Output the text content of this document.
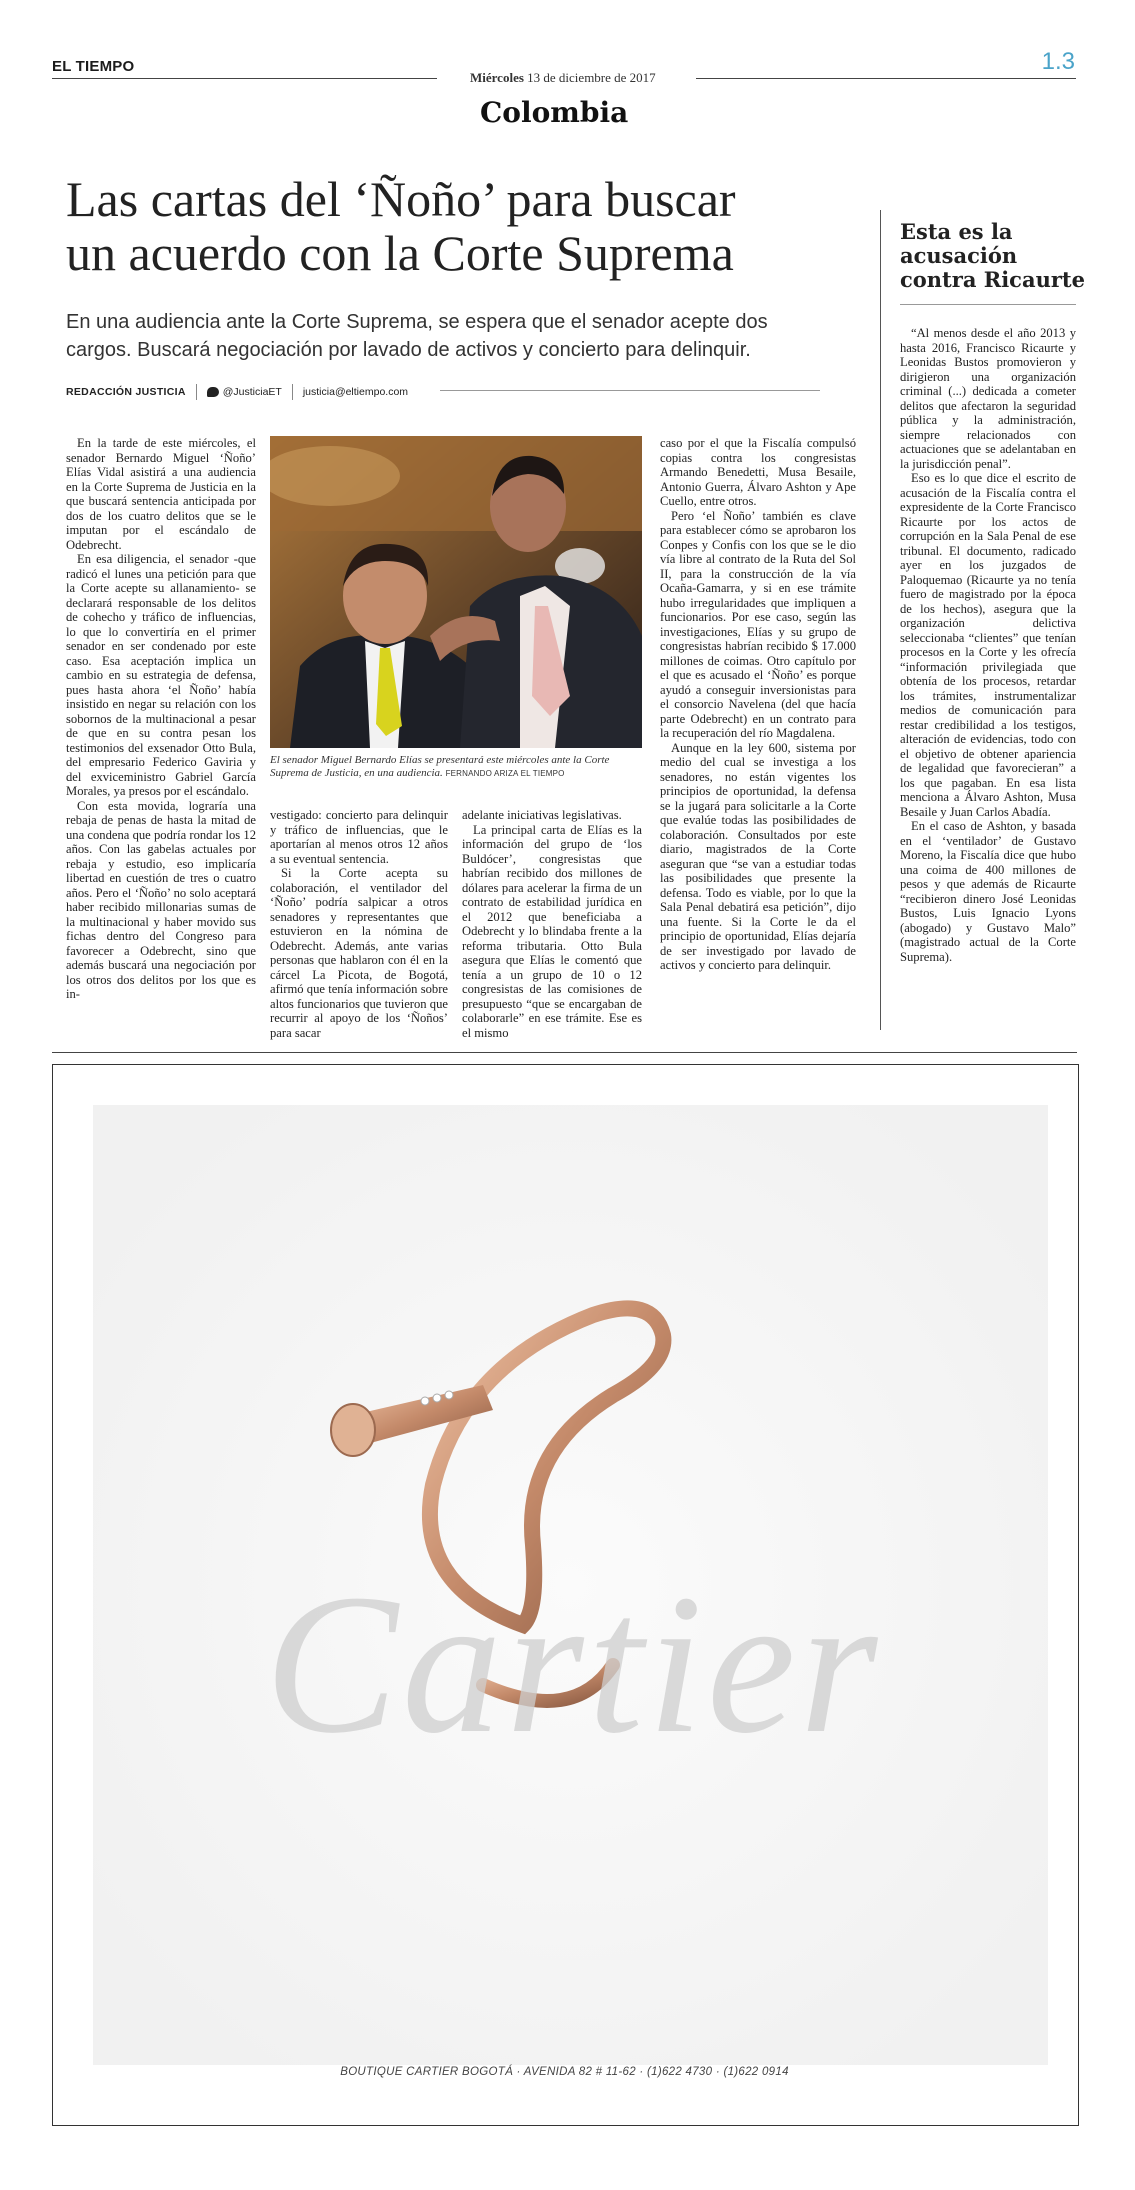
EL TIEMPO
Miércoles 13 de diciembre de 2017
1.3
Colombia
Las cartas del ‘Ñoño’ para buscar
un acuerdo con la Corte Suprema
En una audiencia ante la Corte Suprema, se espera que el senador acepte dos cargos. Buscará negociación por lavado de activos y concierto para delinquir.
REDACCIÓN JUSTICIA	@JusticiaET justicia@eltiempo.com

En la tarde de este miércoles, el senador Bernardo Miguel ‘Ñoño’ Elías Vidal asistirá a una audiencia en la Corte Suprema de Justicia en la que buscará sentencia anticipada por dos de los cuatro delitos que se le imputan por el escándalo de Odebrecht.

En esa diligencia, el senador -que radicó el lunes una petición para que la Corte acepte su allanamiento- se declarará responsable de los delitos de cohecho y tráfico de influencias, lo que lo convertiría en el primer senador en ser condenado por este caso. Esa aceptación implica un cambio en su estrategia de defensa, pues hasta ahora ‘el Ñoño’ había insistido en negar su relación con los sobornos de la multinacional a pesar de que en su contra pesan los testimonios del exsenador Otto Bula, del empresario Federico Gaviria y del exviceministro Gabriel García Morales, ya presos por el escándalo.

Con esta movida, lograría una rebaja de penas de hasta la mitad de una condena que podría rondar los 12 años. Con las gabelas actuales por rebaja y estudio, eso implicaría libertad en cuestión de tres o cuatro años. Pero el ‘Ñoño’ no solo aceptará haber recibido millonarias sumas de la multinacional y haber movido sus fichas dentro del Congreso para favorecer a Odebrecht, sino que además buscará una negociación por los otros dos delitos por los que es in-

El senador Miguel Bernardo Elías se presentará este miércoles ante la Corte Suprema de Justicia, en una audiencia. FERNANDO ARIZA EL TIEMPO

caso por el que la Fiscalía compulsó copias contra los congresistas Armando Benedetti, Musa Besaile, Antonio Guerra, Álvaro Ashton y Ape Cuello, entre otros.

Pero ‘el Ñoño’ también es clave para establecer cómo se aprobaron los Conpes y Confis con los que se le dio vía libre al contrato de la Ruta del Sol II, para la construcción de la vía Ocaña-Gamarra, y si en ese trámite hubo irregularidades que impliquen a funcionarios. Por ese caso, según las investigaciones, Elías y su grupo de congresistas habrían recibido $ 17.000 millones de coimas. Otro capítulo por el que es acusado el ‘Ñoño’ es porque ayudó a conseguir inversionistas para el consorcio Navelena (del que hacía parte Odebrecht) en un contrato para la recuperación del río Magdalena.

Aunque en la ley 600, sistema por medio del cual se investiga a los senadores, no están vigentes los principios de oportunidad, la defensa se la jugará para solicitarle a la Corte que evalúe todas las posibilidades de colaboración. Consultados por este diario, magistrados de la Corte aseguran que “se van a estudiar todas las posibilidades que presente la defensa. Todo es viable, por lo que la Sala Penal debatirá esa petición”, dijo una fuente. Si la Corte le da el principio de oportunidad, Elías dejaría de ser investigado por lavado de activos y concierto para delinquir.

vestigado: concierto para delinquir y tráfico de influencias, que le aportarían al menos otros 12 años a su eventual sentencia.

Si la Corte acepta su colaboración, el ventilador del ‘Ñoño’ podría salpicar a otros senadores y representantes que estuvieron en la nómina de Odebrecht. Además, ante varias personas que hablaron con él en la cárcel La Picota, de Bogotá, afirmó que tenía información sobre altos funcionarios que tuvieron que recurrir al apoyo de los ‘Ñoños’ para sacar

adelante iniciativas legislativas.

La principal carta de Elías es la información del grupo de ‘los Buldócer’, congresistas que habrían recibido dos millones de dólares para acelerar la firma de un contrato de estabilidad jurídica en el 2012 que beneficiaba a Odebrecht y lo blindaba frente a la reforma tributaria. Otto Bula asegura que Elías le comentó que tenía a un grupo de 10 o 12 congresistas de las comisiones de presupuesto “que se encargaban de colaborarle” en ese trámite. Ese es el mismo

Esta es la acusación contra Ricaurte

“Al menos desde el año 2013 y hasta 2016, Francisco Ricaurte y Leonidas Bustos promovieron y dirigieron una organización criminal (...) dedicada a cometer delitos que afectaron la seguridad pública y la administración, siempre relacionados con actuaciones que se adelantaban en la jurisdicción penal”.

Eso es lo que dice el escrito de acusación de la Fiscalía contra el expresidente de la Corte Francisco Ricaurte por los actos de corrupción en la Sala Penal de ese tribunal. El documento, radicado ayer en los juzgados de Paloquemao (Ricaurte ya no tenía fuero de magistrado por la época de los hechos), asegura que la organización delictiva seleccionaba “clientes” que tenían procesos en la Corte y les ofrecía “información privilegiada que obtenía de los procesos, retardar los trámites, instrumentalizar medios de comunicación para restar credibilidad a los testigos, alteración de evidencias, todo con el objetivo de obtener apariencia de legalidad que favorecieran” a los que pagaban. En esa lista menciona a Álvaro Ashton, Musa Besaile y Juan Carlos Abadía.

En el caso de Ashton, y basada en el ‘ventilador’ de Gustavo Moreno, la Fiscalía dice que hubo una coima de 400 millones de pesos y que además de Ricaurte “recibieron dinero José Leonidas Bustos, Luis Ignacio Lyons (abogado) y Gustavo Malo” (magistrado actual de la Corte Suprema).

Cartier
BOUTIQUE CARTIER BOGOTÁ · AVENIDA 82 # 11-62 · (1)622 4730 · (1)622 0914
